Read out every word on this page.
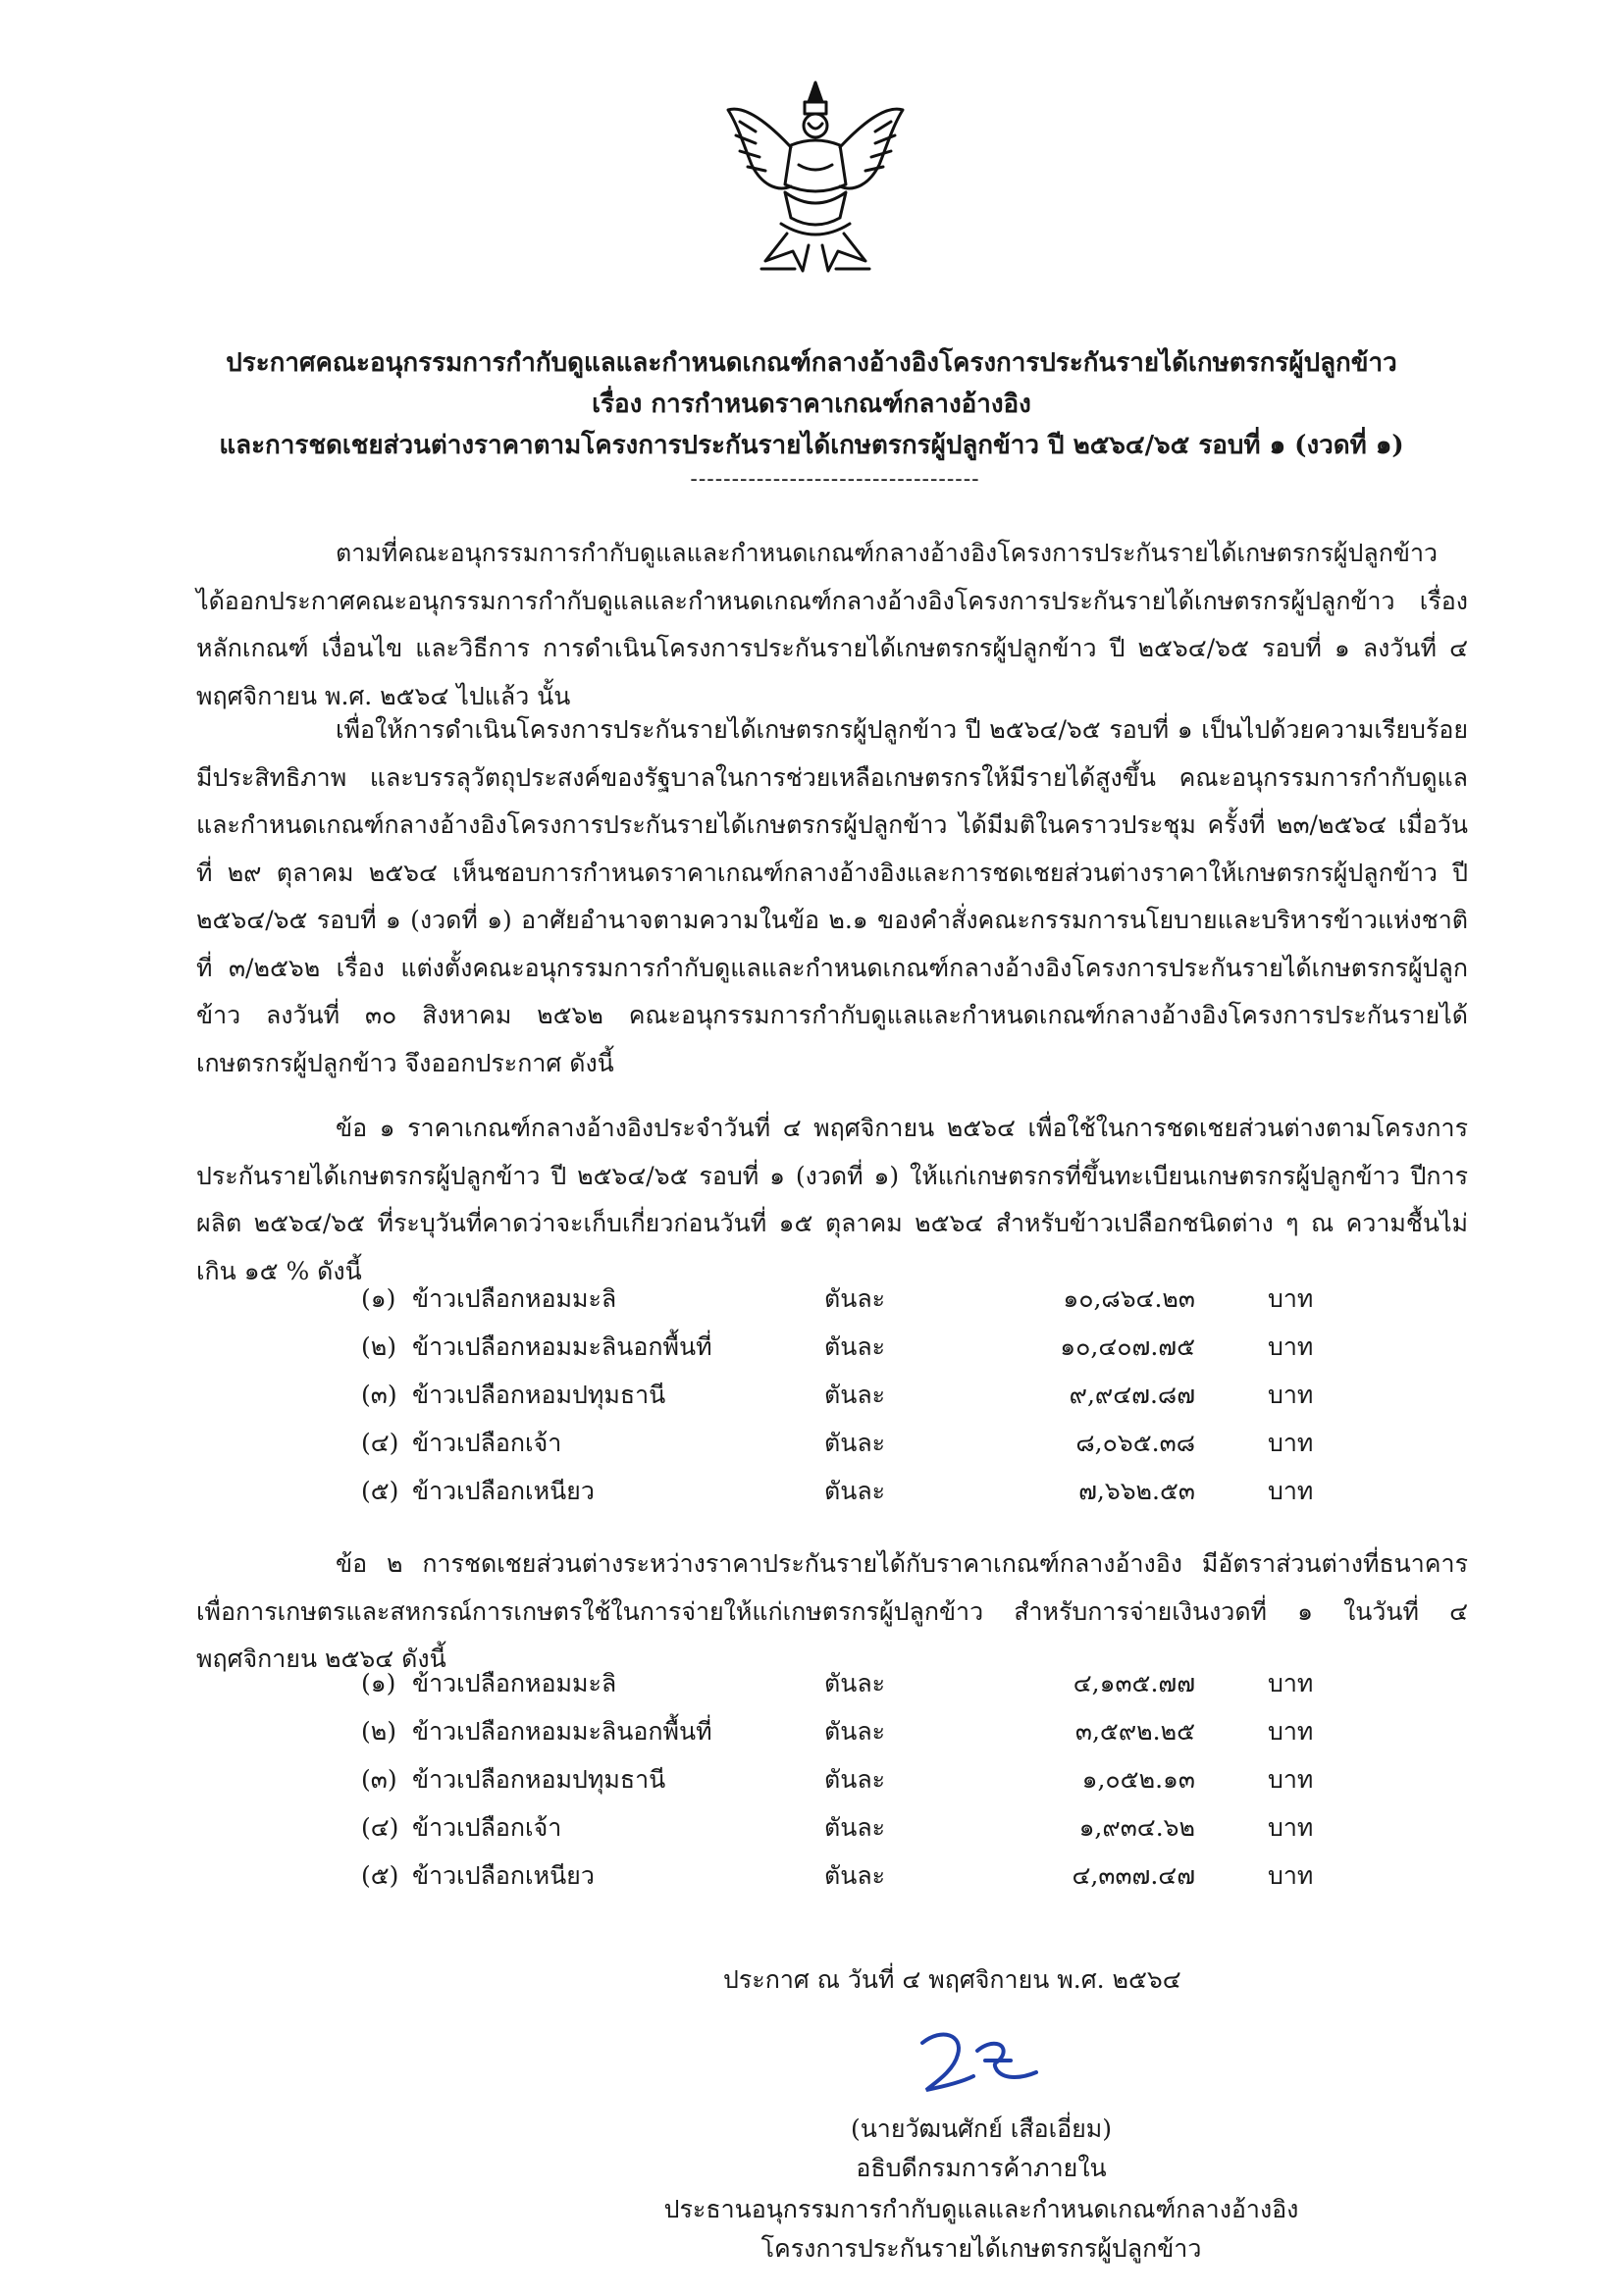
ประกาศคณะอนุกรรมการกำกับดูแลและกำหนดเกณฑ์กลางอ้างอิงโครงการประกันรายได้เกษตรกรผู้ปลูกข้าว
เรื่อง การกำหนดราคาเกณฑ์กลางอ้างอิง
และการชดเชยส่วนต่างราคาตามโครงการประกันรายได้เกษตรกรผู้ปลูกข้าว ปี ๒๕๖๔/๖๕ รอบที่ ๑ (งวดที่ ๑)
-----------------------------------
ตามที่คณะอนุกรรมการกำกับดูแลและกำหนดเกณฑ์กลางอ้างอิงโครงการประกันรายได้เกษตรกรผู้ปลูกข้าว ได้ออกประกาศคณะอนุกรรมการกำกับดูแลและกำหนดเกณฑ์กลางอ้างอิงโครงการประกันรายได้เกษตรกรผู้ปลูกข้าว เรื่อง หลักเกณฑ์ เงื่อนไข และวิธีการ การดำเนินโครงการประกันรายได้เกษตรกรผู้ปลูกข้าว ปี ๒๕๖๔/๖๕ รอบที่ ๑ ลงวันที่ ๔ พฤศจิกายน พ.ศ. ๒๕๖๔ ไปแล้ว นั้น
เพื่อให้การดำเนินโครงการประกันรายได้เกษตรกรผู้ปลูกข้าว ปี ๒๕๖๔/๖๕ รอบที่ ๑ เป็นไปด้วยความเรียบร้อย มีประสิทธิภาพ และบรรลุวัตถุประสงค์ของรัฐบาลในการช่วยเหลือเกษตรกรให้มีรายได้สูงขึ้น คณะอนุกรรมการกำกับดูแลและกำหนดเกณฑ์กลางอ้างอิงโครงการประกันรายได้เกษตรกรผู้ปลูกข้าว ได้มีมติในคราวประชุม ครั้งที่ ๒๓/๒๕๖๔ เมื่อวันที่ ๒๙ ตุลาคม ๒๕๖๔ เห็นชอบการกำหนดราคาเกณฑ์กลางอ้างอิงและการชดเชยส่วนต่างราคาให้เกษตรกรผู้ปลูกข้าว ปี ๒๕๖๔/๖๕ รอบที่ ๑ (งวดที่ ๑) อาศัยอำนาจตามความในข้อ ๒.๑ ของคำสั่งคณะกรรมการนโยบายและบริหารข้าวแห่งชาติ ที่ ๓/๒๕๖๒ เรื่อง แต่งตั้งคณะอนุกรรมการกำกับดูแลและกำหนดเกณฑ์กลางอ้างอิงโครงการประกันรายได้เกษตรกรผู้ปลูกข้าว ลงวันที่ ๓๐ สิงหาคม ๒๕๖๒ คณะอนุกรรมการกำกับดูแลและกำหนดเกณฑ์กลางอ้างอิงโครงการประกันรายได้เกษตรกรผู้ปลูกข้าว จึงออกประกาศ ดังนี้
ข้อ ๑ ราคาเกณฑ์กลางอ้างอิงประจำวันที่ ๔ พฤศจิกายน ๒๕๖๔ เพื่อใช้ในการชดเชยส่วนต่างตามโครงการประกันรายได้เกษตรกรผู้ปลูกข้าว ปี ๒๕๖๔/๖๕ รอบที่ ๑ (งวดที่ ๑) ให้แก่เกษตรกรที่ขึ้นทะเบียนเกษตรกรผู้ปลูกข้าว ปีการผลิต ๒๕๖๔/๖๕ ที่ระบุวันที่คาดว่าจะเก็บเกี่ยวก่อนวันที่ ๑๕ ตุลาคม ๒๕๖๔ สำหรับข้าวเปลือกชนิดต่าง ๆ ณ ความชื้นไม่เกิน ๑๕ % ดังนี้
(๑) ข้าวเปลือกหอมมะลิ	ตันละ	๑๐,๘๖๔.๒๓	บาท
(๒) ข้าวเปลือกหอมมะลินอกพื้นที่	ตันละ	๑๐,๔๐๗.๗๕	บาท
(๓) ข้าวเปลือกหอมปทุมธานี	ตันละ	๙,๙๔๗.๘๗	บาท
(๔) ข้าวเปลือกเจ้า	ตันละ	๘,๐๖๕.๓๘	บาท
(๕) ข้าวเปลือกเหนียว	ตันละ	๗,๖๖๒.๕๓	บาท
ข้อ ๒ การชดเชยส่วนต่างระหว่างราคาประกันรายได้กับราคาเกณฑ์กลางอ้างอิง มีอัตราส่วนต่างที่ธนาคารเพื่อการเกษตรและสหกรณ์การเกษตรใช้ในการจ่ายให้แก่เกษตรกรผู้ปลูกข้าว สำหรับการจ่ายเงินงวดที่ ๑ ในวันที่ ๔ พฤศจิกายน ๒๕๖๔ ดังนี้
(๑) ข้าวเปลือกหอมมะลิ	ตันละ	๔,๑๓๕.๗๗	บาท
(๒) ข้าวเปลือกหอมมะลินอกพื้นที่	ตันละ	๓,๕๙๒.๒๕	บาท
(๓) ข้าวเปลือกหอมปทุมธานี	ตันละ	๑,๐๕๒.๑๓	บาท
(๔) ข้าวเปลือกเจ้า	ตันละ	๑,๙๓๔.๖๒	บาท
(๕) ข้าวเปลือกเหนียว	ตันละ	๔,๓๓๗.๔๗	บาท
ประกาศ ณ วันที่ ๔ พฤศจิกายน พ.ศ. ๒๕๖๔
(นายวัฒนศักย์ เสือเอี่ยม)
อธิบดีกรมการค้าภายใน
ประธานอนุกรรมการกำกับดูแลและกำหนดเกณฑ์กลางอ้างอิง
โครงการประกันรายได้เกษตรกรผู้ปลูกข้าว
